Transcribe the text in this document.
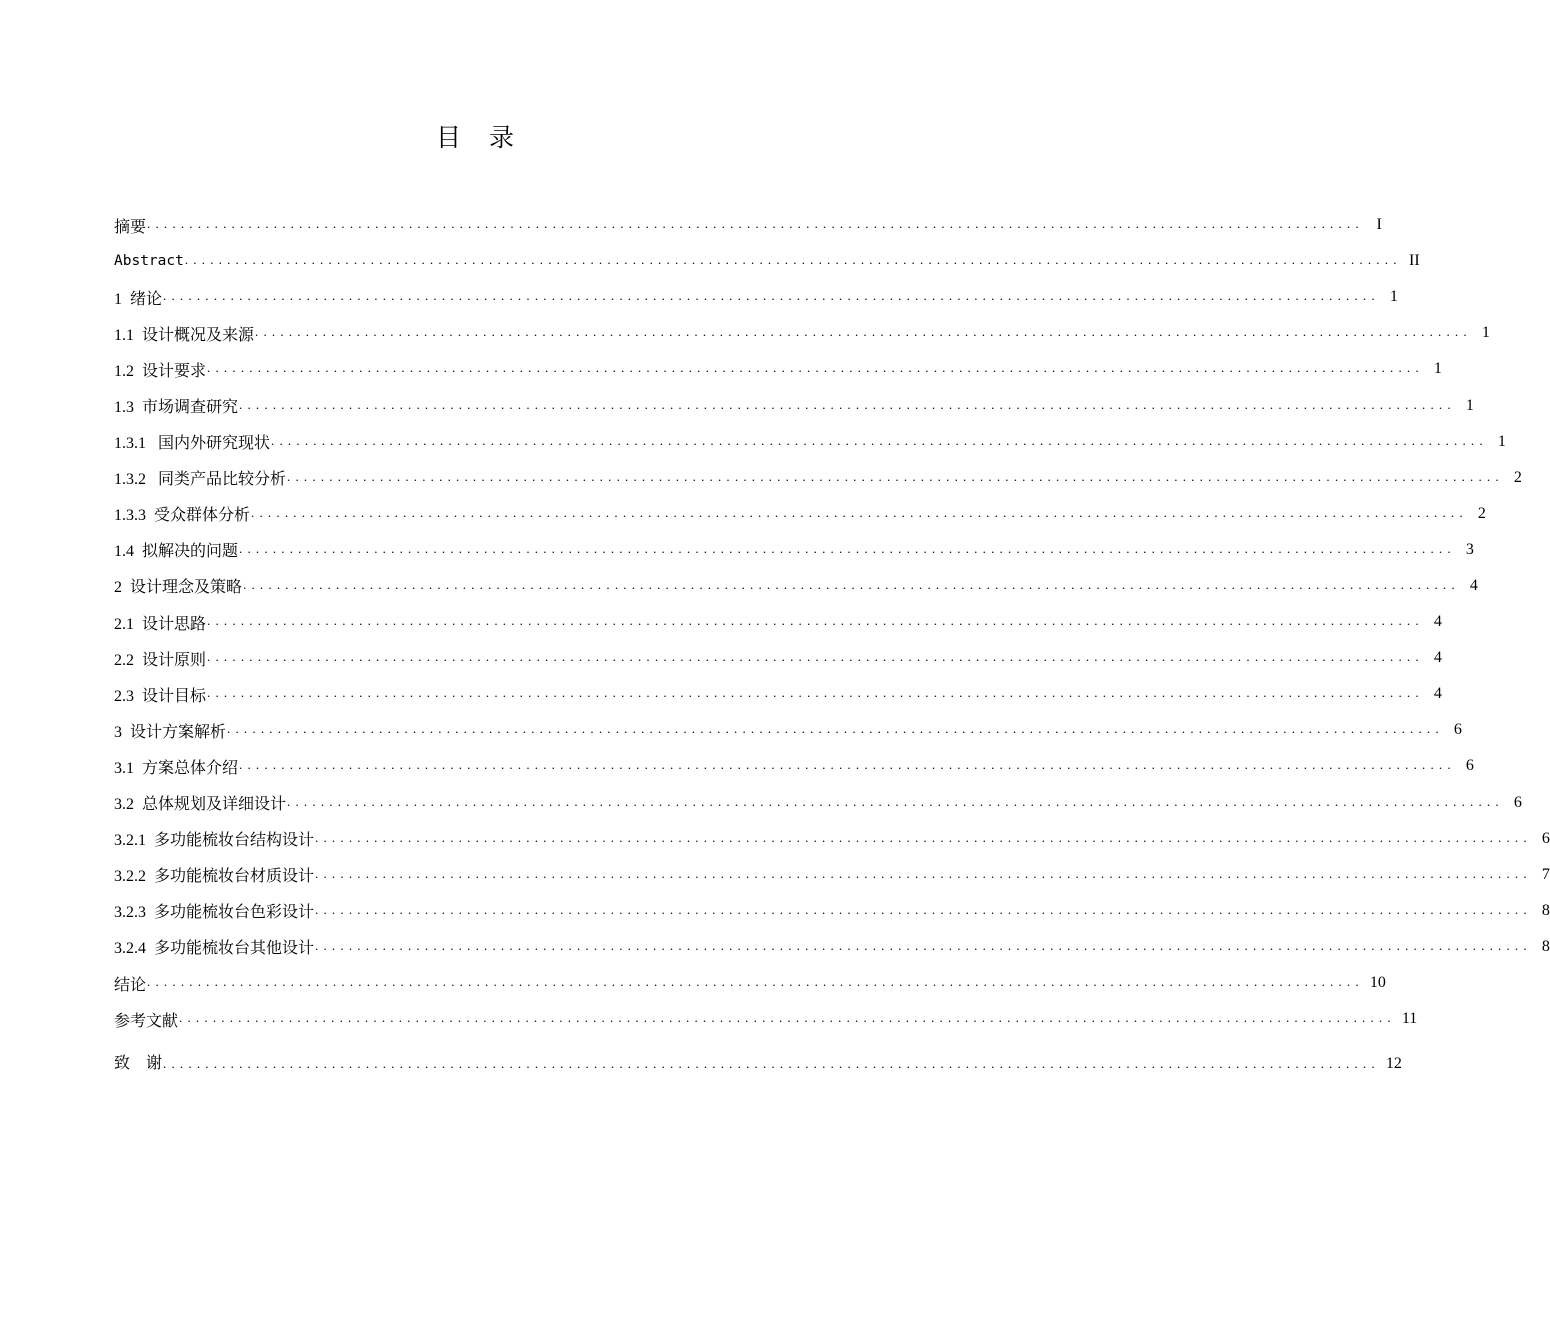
目录
摘要 ................................................................................................................................................ I
Abstract ................................................................................................................................................ II
1  绪论 ................................................................................................................................................ 1
1.1  设计概况及来源 ................................................................................................................................................ 1
1.2  设计要求 ................................................................................................................................................ 1
1.3  市场调查研究 ................................................................................................................................................ 1
1.3.1   国内外研究现状 ................................................................................................................................................ 1
1.3.2   同类产品比较分析 ................................................................................................................................................ 2
1.3.3  受众群体分析 ................................................................................................................................................ 2
1.4  拟解决的问题 ................................................................................................................................................ 3
2  设计理念及策略 ................................................................................................................................................ 4
2.1  设计思路 ................................................................................................................................................ 4
2.2  设计原则 ................................................................................................................................................ 4
2.3  设计目标 ................................................................................................................................................ 4
3  设计方案解析 ................................................................................................................................................ 6
3.1  方案总体介绍 ................................................................................................................................................ 6
3.2  总体规划及详细设计 ................................................................................................................................................ 6
3.2.1  多功能梳妆台结构设计 ................................................................................................................................................ 6
3.2.2  多功能梳妆台材质设计 ................................................................................................................................................ 7
3.2.3  多功能梳妆台色彩设计 ................................................................................................................................................ 8
3.2.4  多功能梳妆台其他设计 ................................................................................................................................................ 8
结论 ................................................................................................................................................ 10
参考文献 ................................................................................................................................................ 11
致    谢 ................................................................................................................................................ 12
